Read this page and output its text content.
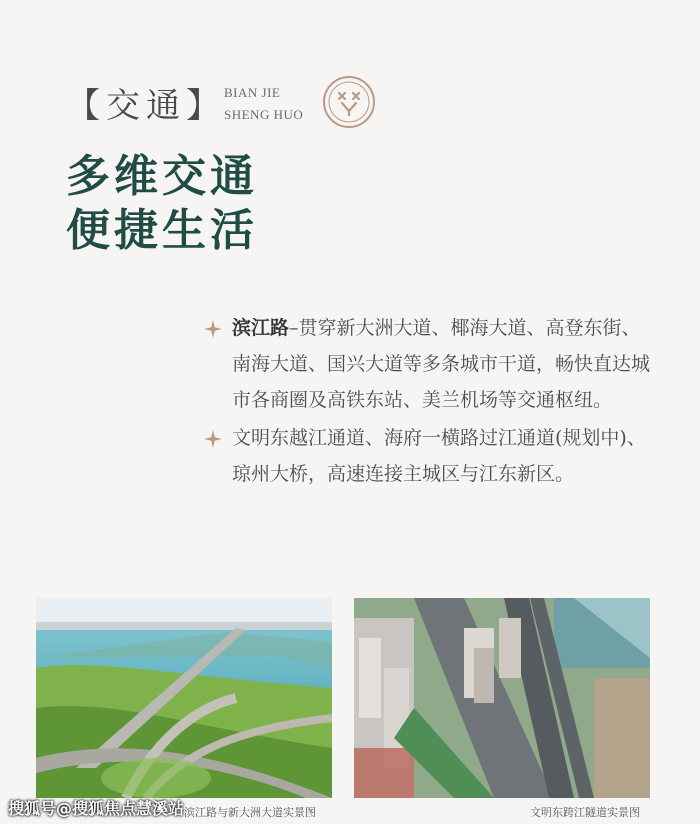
【交通】
BIAN JIE
SHENG HUO
多维交通
便捷生活
滨江路–贯穿新大洲大道、椰海大道、高登东街、南海大道、国兴大道等多条城市干道，畅快直达城市各商圈及高铁东站、美兰机场等交通枢纽。
文明东越江通道、海府一横路过江通道(规划中)、琼州大桥，高速连接主城区与江东新区。
滨江路与新大洲大道实景图	文明东跨江隧道实景图
搜狐号@搜狐焦点慧溪站
